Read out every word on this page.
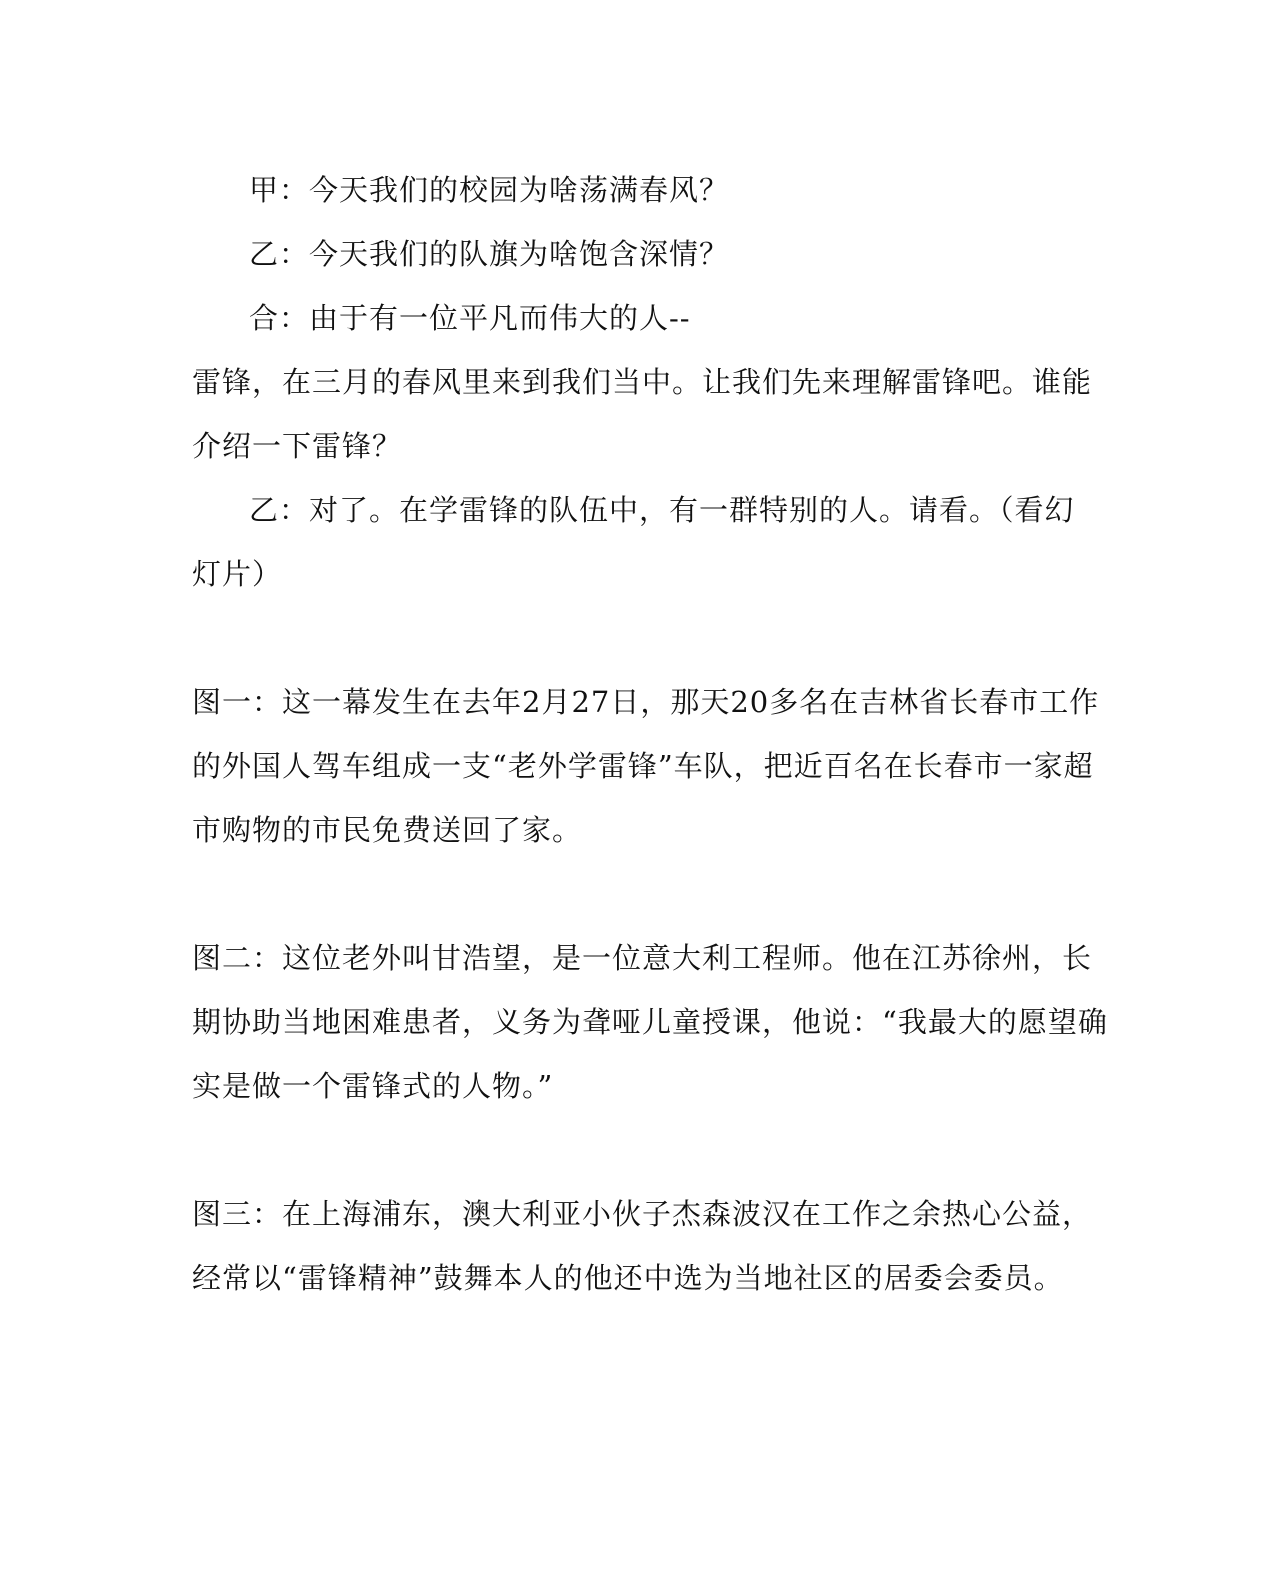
甲：今天我们的校园为啥荡满春风？
乙：今天我们的队旗为啥饱含深情？
合：由于有一位平凡而伟大的人--
雷锋，在三月的春风里来到我们当中。让我们先来理解雷锋吧。谁能
介绍一下雷锋？
乙：对了。在学雷锋的队伍中，有一群特别的人。请看。（看幻
灯片）
图一：这一幕发生在去年2月27日，那天20多名在吉林省长春市工作
的外国人驾车组成一支“老外学雷锋”车队，把近百名在长春市一家超
市购物的市民免费送回了家。
图二：这位老外叫甘浩望，是一位意大利工程师。他在江苏徐州，长
期协助当地困难患者，义务为聋哑儿童授课，他说：“我最大的愿望确
实是做一个雷锋式的人物。”
图三：在上海浦东，澳大利亚小伙子杰森波汉在工作之余热心公益，
经常以“雷锋精神”鼓舞本人的他还中选为当地社区的居委会委员。
